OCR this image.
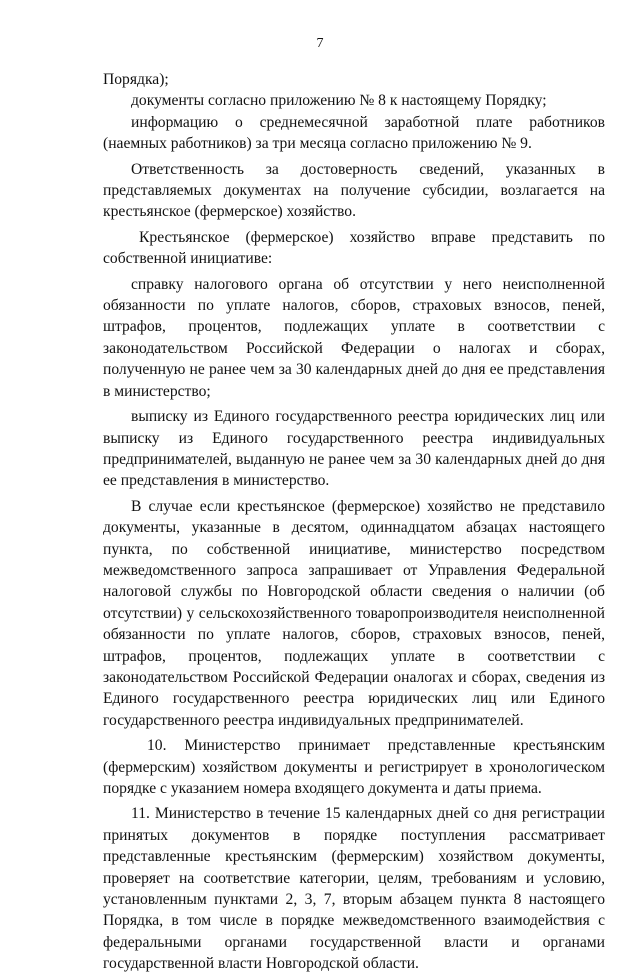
7

Порядка);

документы согласно приложению № 8 к настоящему Порядку;

информацию о среднемесячной заработной плате работников (наемных работников) за три месяца согласно приложению № 9.

Ответственность за достоверность сведений, указанных в представляемых документах на получение субсидии, возлагается на крестьянское (фермерское) хозяйство.

Крестьянское (фермерское) хозяйство вправе представить по собственной инициативе:

справку налогового органа об отсутствии у него неисполненной обязанности по уплате налогов, сборов, страховых взносов, пеней, штрафов, процентов, подлежащих уплате в соответствии с законодательством Российской Федерации о налогах и сборах, полученную не ранее чем за 30 календарных дней до дня ее представления в министерство;

выписку из Единого государственного реестра юридических лиц или выписку из Единого государственного реестра индивидуальных предпринимателей, выданную не ранее чем за 30 календарных дней до дня ее представления в министерство.

В случае если крестьянское (фермерское) хозяйство не представило документы, указанные в десятом, одиннадцатом абзацах настоящего пункта, по собственной инициативе, министерство посредством межведомственного запроса запрашивает от Управления Федеральной налоговой службы по Новгородской области сведения о наличии (об отсутствии) у сельскохозяйственного товаропроизводителя неисполненной обязанности по уплате налогов, сборов, страховых взносов, пеней, штрафов, процентов, подлежащих уплате в соответствии с законодательством Российской Федерации оналогах и сборах, сведения из Единого государственного реестра юридических лиц или Единого государственного реестра индивидуальных предпринимателей.

10. Министерство принимает представленные крестьянским (фермерским) хозяйством документы и регистрирует в хронологическом порядке с указанием номера входящего документа и даты приема.

11. Министерство в течение 15 календарных дней со дня регистрации принятых документов в порядке поступления рассматривает представленные крестьянским (фермерским) хозяйством документы, проверяет на соответствие категории, целям, требованиям и условию, установленным пунктами 2, 3, 7, вторым абзацем пункта 8 настоящего Порядка, в том числе в порядке межведомственного взаимодействия с федеральными органами государственной власти и органами государственной власти Новгородской области.
